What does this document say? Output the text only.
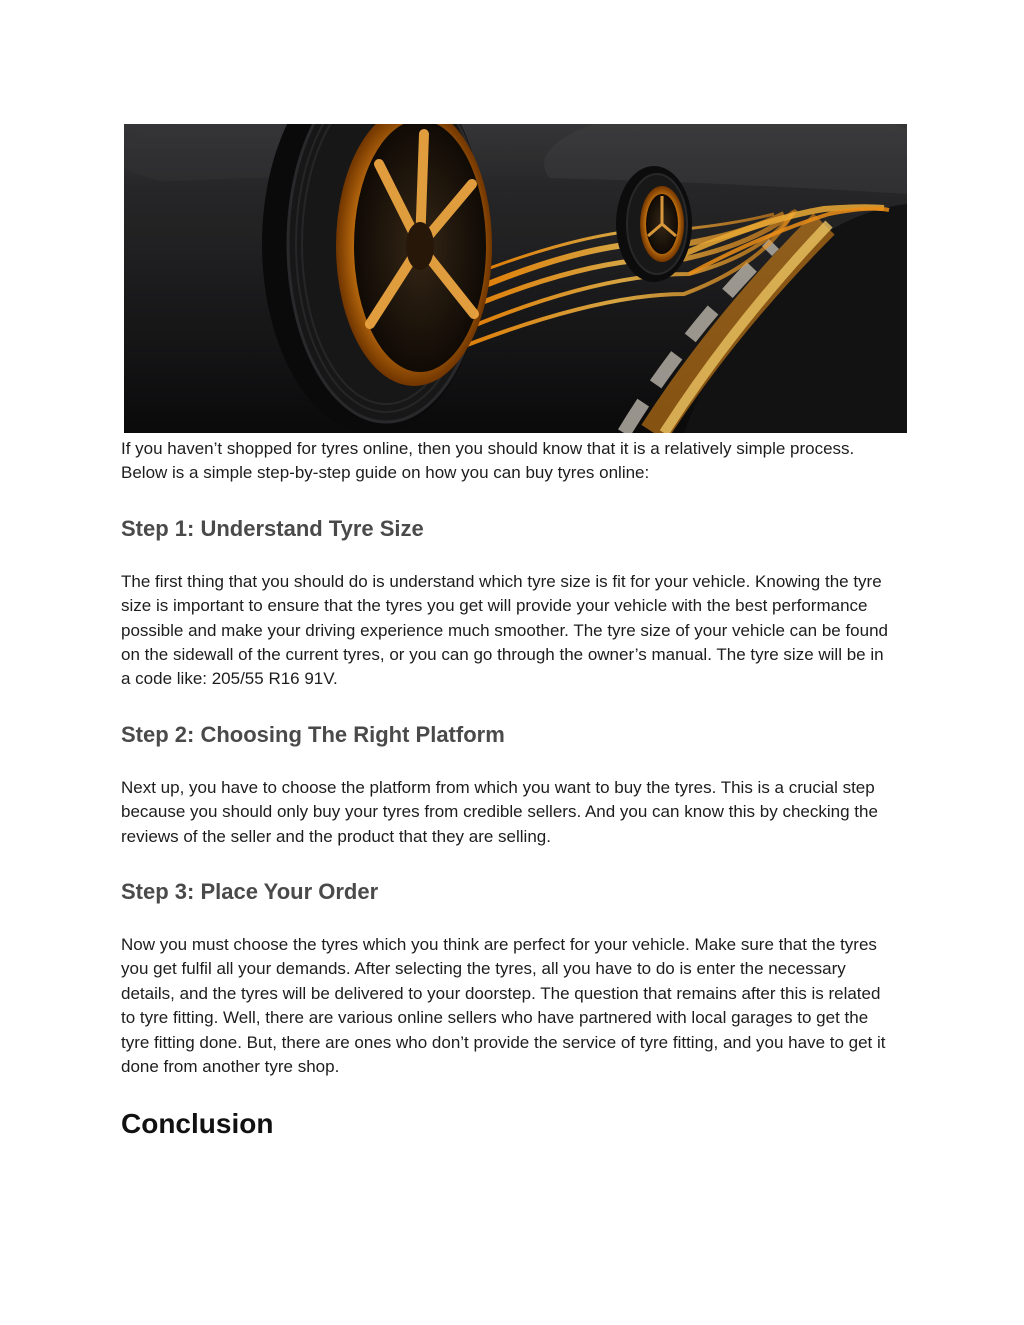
If you haven’t shopped for tyres online, then you should know that it is a relatively simple process. Below is a simple step-by-step guide on how you can buy tyres online:

Step 1: Understand Tyre Size

The first thing that you should do is understand which tyre size is fit for your vehicle. Knowing the tyre size is important to ensure that the tyres you get will provide your vehicle with the best performance possible and make your driving experience much smoother. The tyre size of your vehicle can be found on the sidewall of the current tyres, or you can go through the owner’s manual. The tyre size will be in a code like: 205/55 R16 91V.

Step 2: Choosing The Right Platform

Next up, you have to choose the platform from which you want to buy the tyres. This is a crucial step because you should only buy your tyres from credible sellers. And you can know this by checking the reviews of the seller and the product that they are selling.

Step 3: Place Your Order

Now you must choose the tyres which you think are perfect for your vehicle. Make sure that the tyres you get fulfil all your demands. After selecting the tyres, all you have to do is enter the necessary details, and the tyres will be delivered to your doorstep. The question that remains after this is related to tyre fitting. Well, there are various online sellers who have partnered with local garages to get the tyre fitting done. But, there are ones who don’t provide the service of tyre fitting, and you have to get it done from another tyre shop.

Conclusion
